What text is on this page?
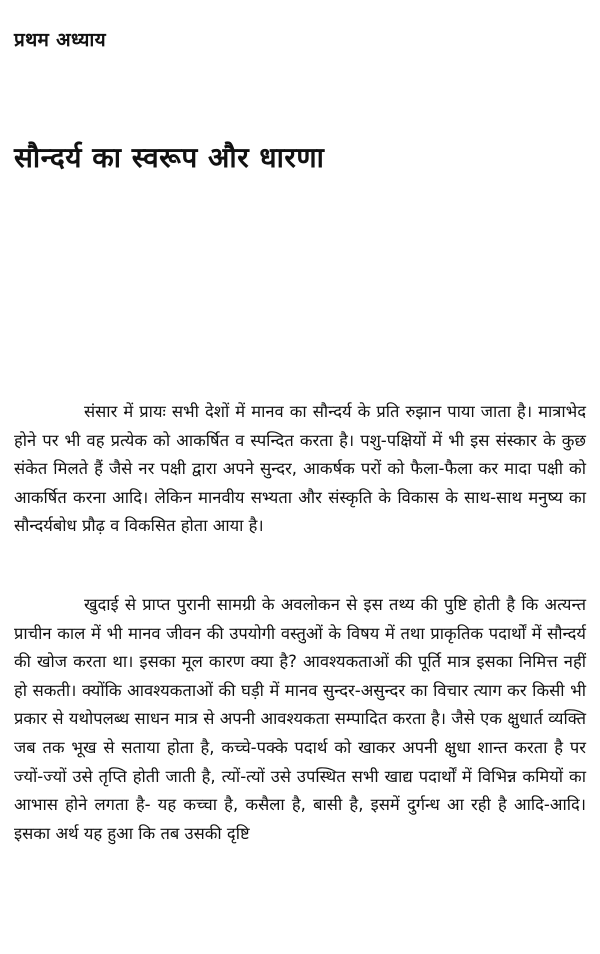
प्रथम अध्याय
सौन्दर्य का स्वरूप और धारणा

संसार में प्रायः सभी देशों में मानव का सौन्दर्य के प्रति रुझान पाया जाता है। मात्राभेद होने पर भी वह प्रत्येक को आकर्षित व स्पन्दित करता है। पशु-पक्षियों में भी इस संस्कार के कुछ संकेत मिलते हैं जैसे नर पक्षी द्वारा अपने सुन्दर, आकर्षक परों को फैला-फैला कर मादा पक्षी को आकर्षित करना आदि। लेकिन मानवीय सभ्यता और संस्कृति के विकास के साथ-साथ मनुष्य का सौन्दर्यबोध प्रौढ़ व विकसित होता आया है।

खुदाई से प्राप्त पुरानी सामग्री के अवलोकन से इस तथ्य की पुष्टि होती है कि अत्यन्त प्राचीन काल में भी मानव जीवन की उपयोगी वस्तुओं के विषय में तथा प्राकृतिक पदार्थों में सौन्दर्य की खोज करता था। इसका मूल कारण क्या है? आवश्यकताओं की पूर्ति मात्र इसका निमित्त नहीं हो सकती। क्योंकि आवश्यकताओं की घड़ी में मानव सुन्दर-असुन्दर का विचार त्याग कर किसी भी प्रकार से यथोपलब्ध साधन मात्र से अपनी आवश्यकता सम्पादित करता है। जैसे एक क्षुधार्त व्यक्ति जब तक भूख से सताया होता है, कच्चे-पक्के पदार्थ को खाकर अपनी क्षुधा शान्त करता है पर ज्यों-ज्यों उसे तृप्ति होती जाती है, त्यों-त्यों उसे उपस्थित सभी खाद्य पदार्थों में विभिन्न कमियों का आभास होने लगता है- यह कच्चा है, कसैला है, बासी है, इसमें दुर्गन्ध आ रही है आदि-आदि। इसका अर्थ यह हुआ कि तब उसकी दृष्टि
